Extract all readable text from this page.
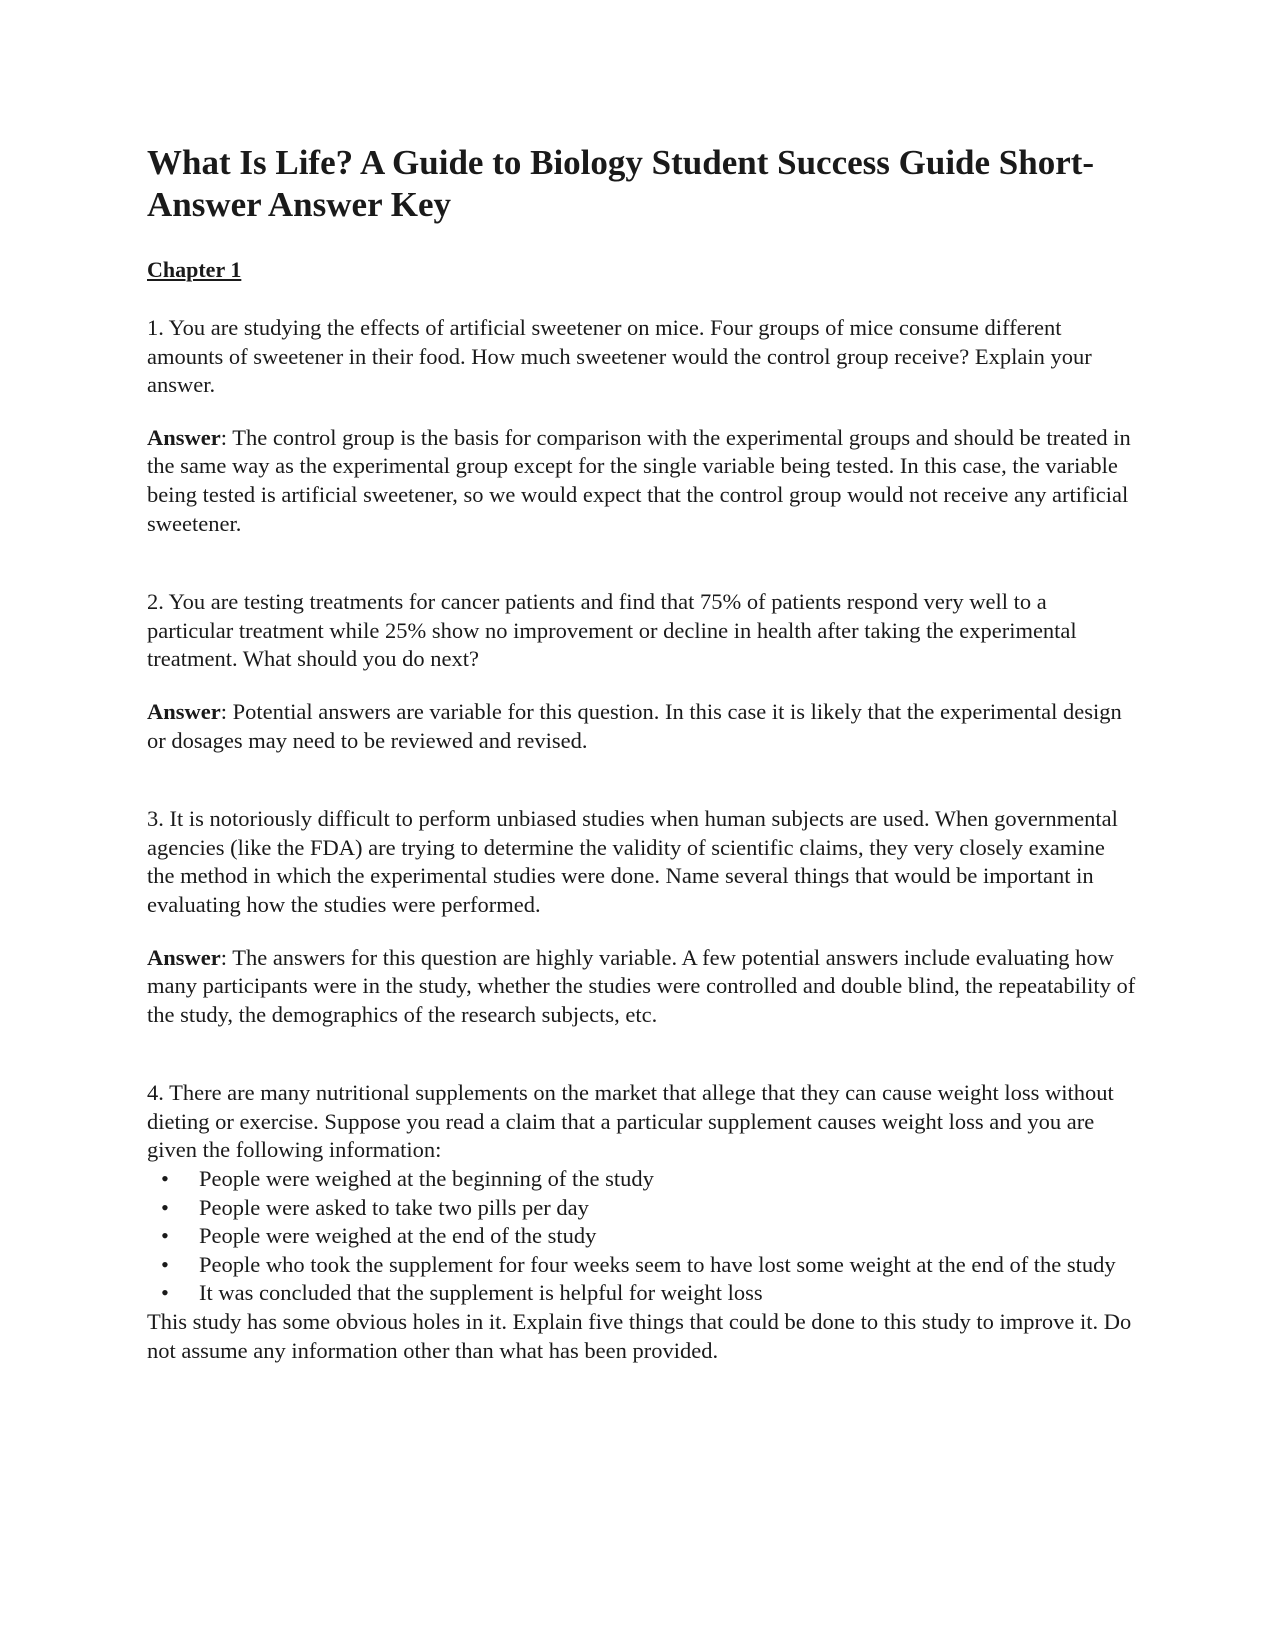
What Is Life? A Guide to Biology Student Success Guide Short-Answer Answer Key
Chapter 1

1. You are studying the effects of artificial sweetener on mice. Four groups of mice consume different amounts of sweetener in their food. How much sweetener would the control group receive? Explain your answer.

Answer: The control group is the basis for comparison with the experimental groups and should be treated in the same way as the experimental group except for the single variable being tested. In this case, the variable being tested is artificial sweetener, so we would expect that the control group would not receive any artificial sweetener.

2. You are testing treatments for cancer patients and find that 75% of patients respond very well to a particular treatment while 25% show no improvement or decline in health after taking the experimental treatment. What should you do next?

Answer: Potential answers are variable for this question. In this case it is likely that the experimental design or dosages may need to be reviewed and revised.

3. It is notoriously difficult to perform unbiased studies when human subjects are used. When governmental agencies (like the FDA) are trying to determine the validity of scientific claims, they very closely examine the method in which the experimental studies were done. Name several things that would be important in evaluating how the studies were performed.

Answer: The answers for this question are highly variable. A few potential answers include evaluating how many participants were in the study, whether the studies were controlled and double blind, the repeatability of the study, the demographics of the research subjects, etc.

4. There are many nutritional supplements on the market that allege that they can cause weight loss without dieting or exercise. Suppose you read a claim that a particular supplement causes weight loss and you are given the following information:

• People were weighed at the beginning of the study
• People were asked to take two pills per day
• People were weighed at the end of the study
• People who took the supplement for four weeks seem to have lost some weight at the end of the study
• It was concluded that the supplement is helpful for weight loss

This study has some obvious holes in it. Explain five things that could be done to this study to improve it. Do not assume any information other than what has been provided.
